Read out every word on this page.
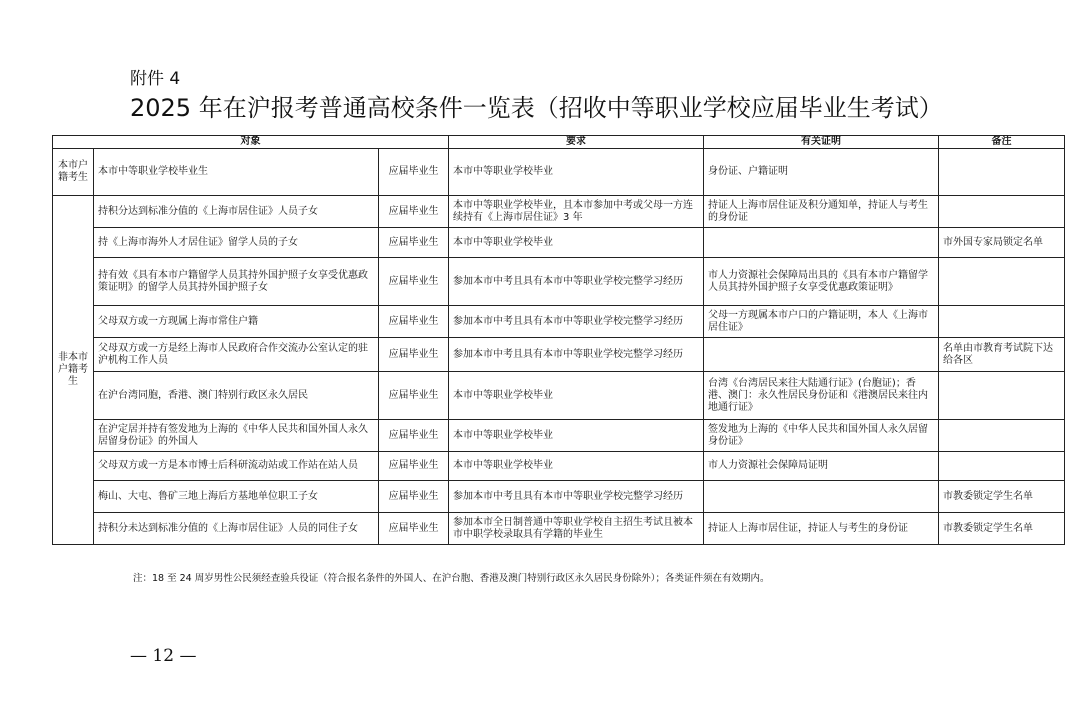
附件 4
2025 年在沪报考普通高校条件一览表（招收中等职业学校应届毕业生考试）
对象			要求	有关证明	备注
本市户籍考生	本市中等职业学校毕业生	应届毕业生	本市中等职业学校毕业	身份证、户籍证明	
非本市户籍考生	持积分达到标准分值的《上海市居住证》人员子女	应届毕业生	本市中等职业学校毕业，且本市参加中考或父母一方连续持有《上海市居住证》3 年	持证人上海市居住证及积分通知单，持证人与考生的身份证	
	持《上海市海外人才居住证》留学人员的子女	应届毕业生	本市中等职业学校毕业		市外国专家局锁定名单
	持有效《具有本市户籍留学人员其持外国护照子女享受优惠政策证明》的留学人员其持外国护照子女	应届毕业生	参加本市中考且具有本市中等职业学校完整学习经历	市人力资源社会保障局出具的《具有本市户籍留学人员其持外国护照子女享受优惠政策证明》	
	父母双方或一方现属上海市常住户籍	应届毕业生	参加本市中考且具有本市中等职业学校完整学习经历	父母一方现属本市户口的户籍证明，本人《上海市居住证》	
	父母双方或一方是经上海市人民政府合作交流办公室认定的驻沪机构工作人员	应届毕业生	参加本市中考且具有本市中等职业学校完整学习经历		名单由市教育考试院下达给各区
	在沪台湾同胞，香港、澳门特别行政区永久居民	应届毕业生	本市中等职业学校毕业	台湾《台湾居民来往大陆通行证》(台胞证)；香港、澳门：永久性居民身份证和《港澳居民来往内地通行证》	
	在沪定居并持有签发地为上海的《中华人民共和国外国人永久居留身份证》的外国人	应届毕业生	本市中等职业学校毕业	签发地为上海的《中华人民共和国外国人永久居留身份证》	
	父母双方或一方是本市博士后科研流动站或工作站在站人员	应届毕业生	本市中等职业学校毕业	市人力资源社会保障局证明	
	梅山、大屯、鲁矿三地上海后方基地单位职工子女	应届毕业生	参加本市中考且具有本市中等职业学校完整学习经历		市教委锁定学生名单
	持积分未达到标准分值的《上海市居住证》人员的同住子女	应届毕业生	参加本市全日制普通中等职业学校自主招生考试且被本市中职学校录取具有学籍的毕业生	持证人上海市居住证，持证人与考生的身份证	市教委锁定学生名单
注：18 至 24 周岁男性公民须经查验兵役证（符合报名条件的外国人、在沪台胞、香港及澳门特别行政区永久居民身份除外）；各类证件须在有效期内。
— 12 —
